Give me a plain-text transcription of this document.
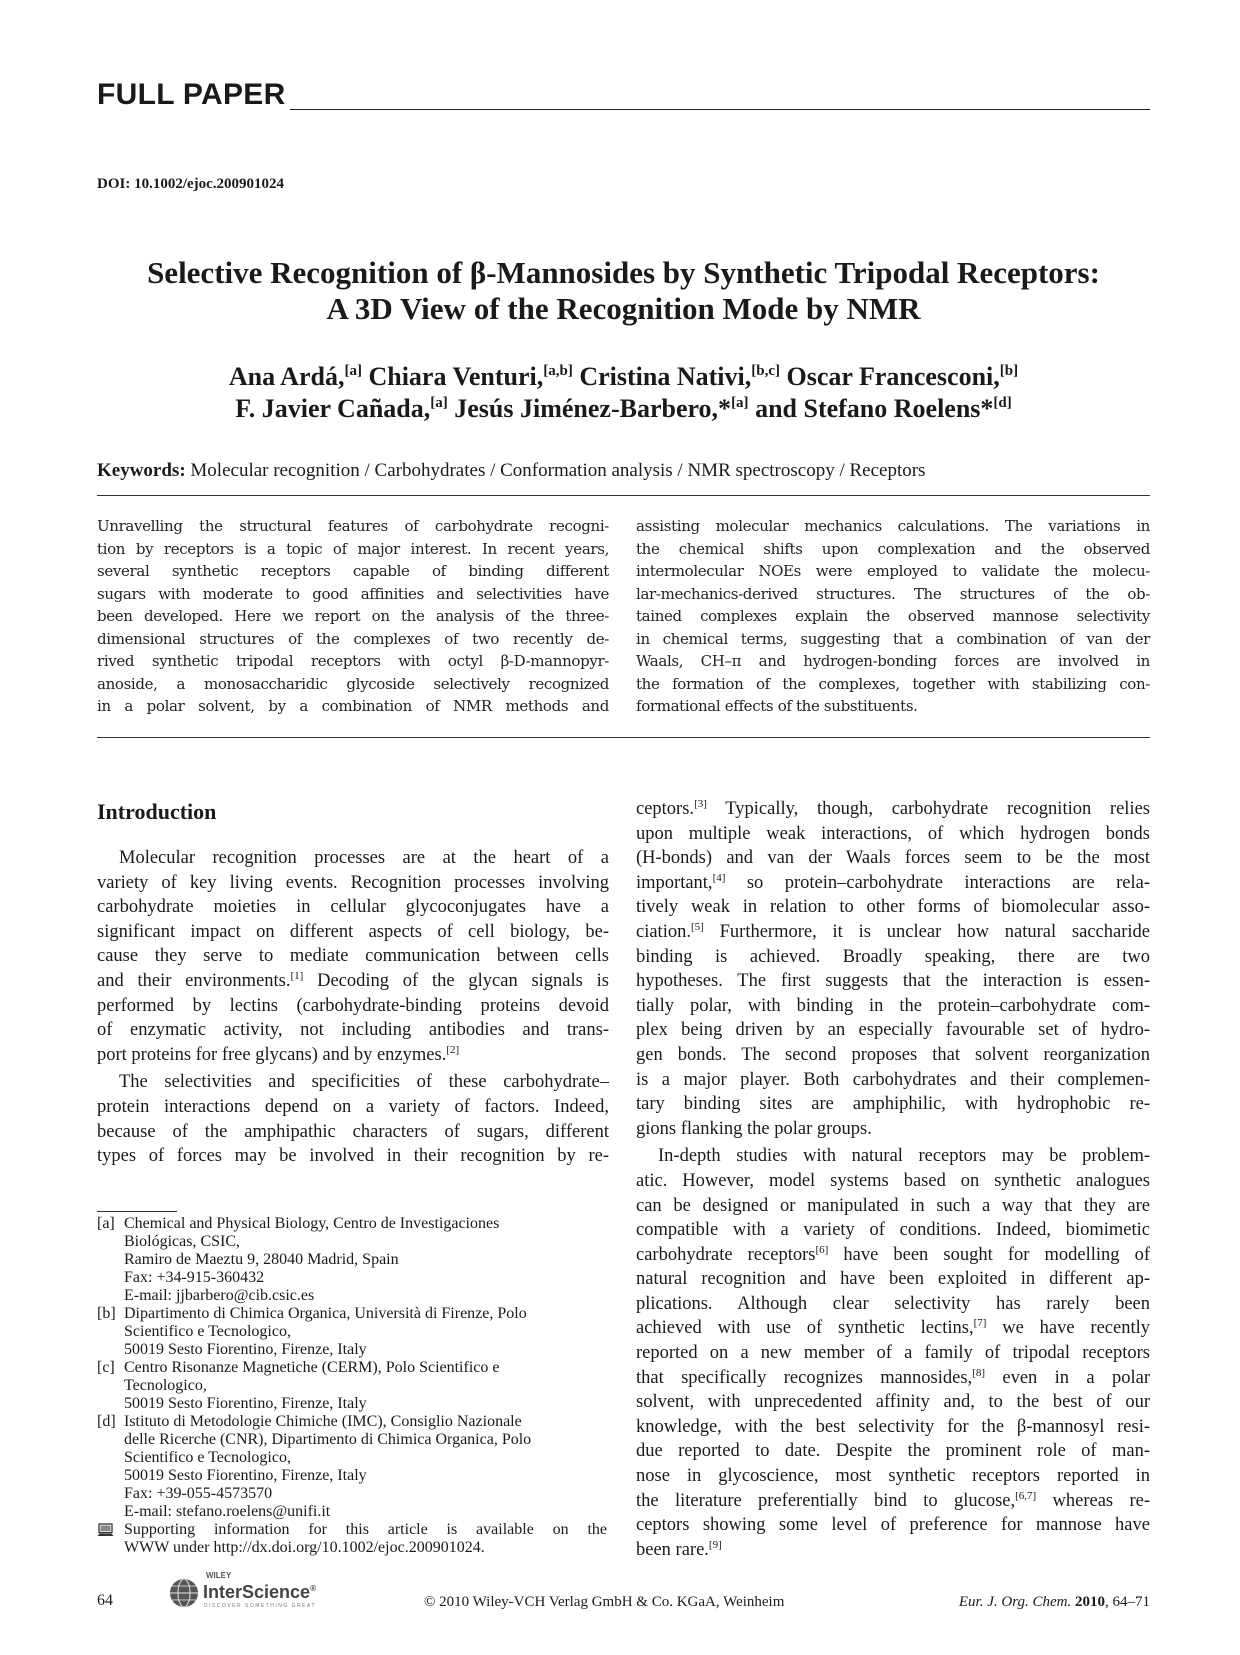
FULL PAPER
DOI: 10.1002/ejoc.200901024
Selective Recognition of β-Mannosides by Synthetic Tripodal Receptors:
A 3D View of the Recognition Mode by NMR
Ana Ardá,[a] Chiara Venturi,[a,b] Cristina Nativi,[b,c] Oscar Francesconi,[b]
F. Javier Cañada,[a] Jesús Jiménez-Barbero,*[a] and Stefano Roelens*[d]
Keywords: Molecular recognition / Carbohydrates / Conformation analysis / NMR spectroscopy / Receptors
Unravelling the structural features of carbohydrate recogni-
tion by receptors is a topic of major interest. In recent years,
several synthetic receptors capable of binding different
sugars with moderate to good affinities and selectivities have
been developed. Here we report on the analysis of the three-
dimensional structures of the complexes of two recently de-
rived synthetic tripodal receptors with octyl β-D-mannopyr-
anoside, a monosaccharidic glycoside selectively recognized
in a polar solvent, by a combination of NMR methods and
assisting molecular mechanics calculations. The variations in
the chemical shifts upon complexation and the observed
intermolecular NOEs were employed to validate the molecu-
lar-mechanics-derived structures. The structures of the ob-
tained complexes explain the observed mannose selectivity
in chemical terms, suggesting that a combination of van der
Waals, CH–π and hydrogen-bonding forces are involved in
the formation of the complexes, together with stabilizing con-
formational effects of the substituents.
Introduction
Molecular recognition processes are at the heart of a
variety of key living events. Recognition processes involving
carbohydrate moieties in cellular glycoconjugates have a
significant impact on different aspects of cell biology, be-
cause they serve to mediate communication between cells
and their environments.[1] Decoding of the glycan signals is
performed by lectins (carbohydrate-binding proteins devoid
of enzymatic activity, not including antibodies and trans-
port proteins for free glycans) and by enzymes.[2]
The selectivities and specificities of these carbohydrate–
protein interactions depend on a variety of factors. Indeed,
because of the amphipathic characters of sugars, different
types of forces may be involved in their recognition by re-
ceptors.[3] Typically, though, carbohydrate recognition relies
upon multiple weak interactions, of which hydrogen bonds
(H-bonds) and van der Waals forces seem to be the most
important,[4] so protein–carbohydrate interactions are rela-
tively weak in relation to other forms of biomolecular asso-
ciation.[5] Furthermore, it is unclear how natural saccharide
binding is achieved. Broadly speaking, there are two
hypotheses. The first suggests that the interaction is essen-
tially polar, with binding in the protein–carbohydrate com-
plex being driven by an especially favourable set of hydro-
gen bonds. The second proposes that solvent reorganization
is a major player. Both carbohydrates and their complemen-
tary binding sites are amphiphilic, with hydrophobic re-
gions flanking the polar groups.
In-depth studies with natural receptors may be problem-
atic. However, model systems based on synthetic analogues
can be designed or manipulated in such a way that they are
compatible with a variety of conditions. Indeed, biomimetic
carbohydrate receptors[6] have been sought for modelling of
natural recognition and have been exploited in different ap-
plications. Although clear selectivity has rarely been
achieved with use of synthetic lectins,[7] we have recently
reported on a new member of a family of tripodal receptors
that specifically recognizes mannosides,[8] even in a polar
solvent, with unprecedented affinity and, to the best of our
knowledge, with the best selectivity for the β-mannosyl resi-
due reported to date. Despite the prominent role of man-
nose in glycoscience, most synthetic receptors reported in
the literature preferentially bind to glucose,[6,7] whereas re-
ceptors showing some level of preference for mannose have
been rare.[9]
[a] Chemical and Physical Biology, Centro de Investigaciones
Biológicas, CSIC,
Ramiro de Maeztu 9, 28040 Madrid, Spain
Fax: +34-915-360432
E-mail: jjbarbero@cib.csic.es
[b] Dipartimento di Chimica Organica, Università di Firenze, Polo
Scientifico e Tecnologico,
50019 Sesto Fiorentino, Firenze, Italy
[c] Centro Risonanze Magnetiche (CERM), Polo Scientifico e
Tecnologico,
50019 Sesto Fiorentino, Firenze, Italy
[d] Istituto di Metodologie Chimiche (IMC), Consiglio Nazionale
delle Ricerche (CNR), Dipartimento di Chimica Organica, Polo
Scientifico e Tecnologico,
50019 Sesto Fiorentino, Firenze, Italy
Fax: +39-055-4573570
E-mail: stefano.roelens@unifi.it
Supporting information for this article is available on the
WWW under http://dx.doi.org/10.1002/ejoc.200901024.
64
WILEY
InterScience®
DISCOVER SOMETHING GREAT	© 2010 Wiley-VCH Verlag GmbH & Co. KGaA, Weinheim	Eur. J. Org. Chem. 2010, 64–71
